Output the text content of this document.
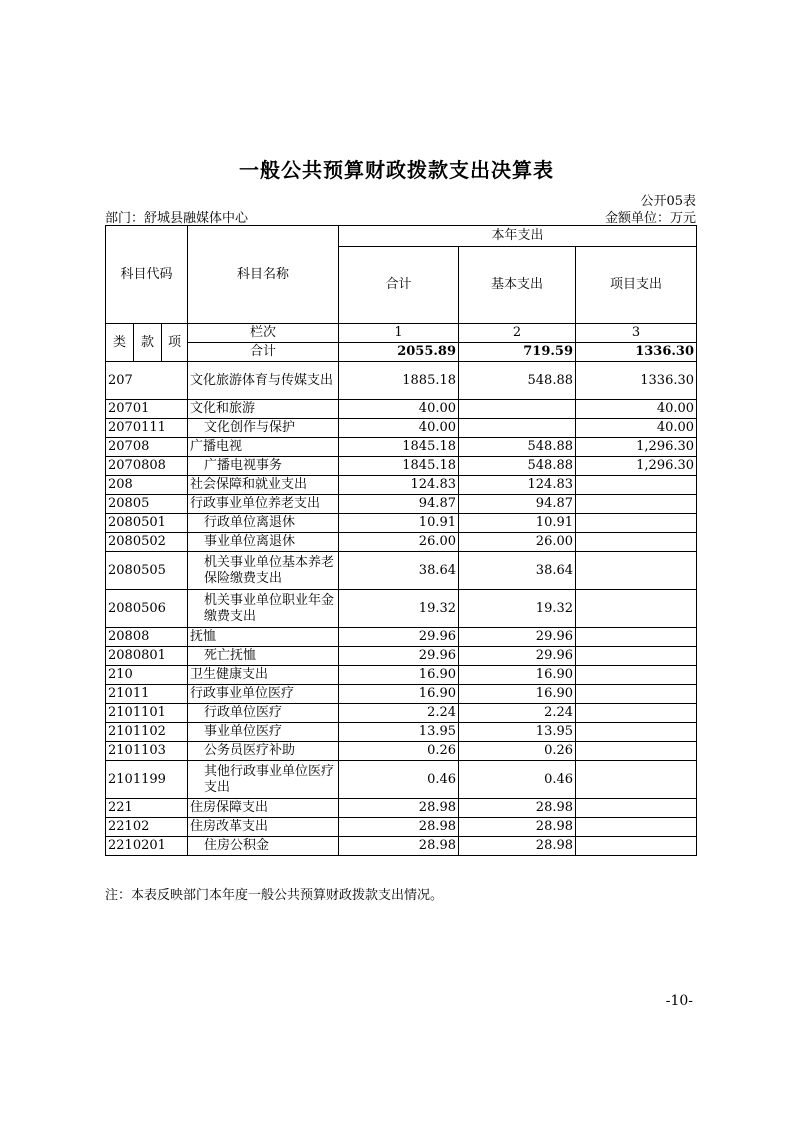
一般公共预算财政拨款支出决算表
公开05表
部门：舒城县融媒体中心	金额单位：万元
科目代码			科目名称	本年支出		
				合计	基本支出	项目支出

类	款	项	栏次	1	2	3
			合计	2055.89	719.59	1336.30
207			文化旅游体育与传媒支出	1885.18	548.88	1336.30
20701			文化和旅游	40.00		40.00
2070111			文化创作与保护	40.00		40.00
20708			广播电视	1845.18	548.88	1,296.30
2070808			广播电视事务	1845.18	548.88	1,296.30
208			社会保障和就业支出	124.83	124.83	
20805			行政事业单位养老支出	94.87	94.87	
2080501			行政单位离退休	10.91	10.91	
2080502			事业单位离退休	26.00	26.00	
2080505			机关事业单位基本养老保险缴费支出	38.64	38.64	
2080506			机关事业单位职业年金缴费支出	19.32	19.32	
20808			抚恤	29.96	29.96	
2080801			死亡抚恤	29.96	29.96	
210			卫生健康支出	16.90	16.90	
21011			行政事业单位医疗	16.90	16.90	
2101101			行政单位医疗	2.24	2.24	
2101102			事业单位医疗	13.95	13.95	
2101103			公务员医疗补助	0.26	0.26	
2101199			其他行政事业单位医疗支出	0.46	0.46	
221			住房保障支出	28.98	28.98	
22102			住房改革支出	28.98	28.98	
2210201			住房公积金	28.98	28.98	
注：本表反映部门本年度一般公共预算财政拨款支出情况。
-10-
